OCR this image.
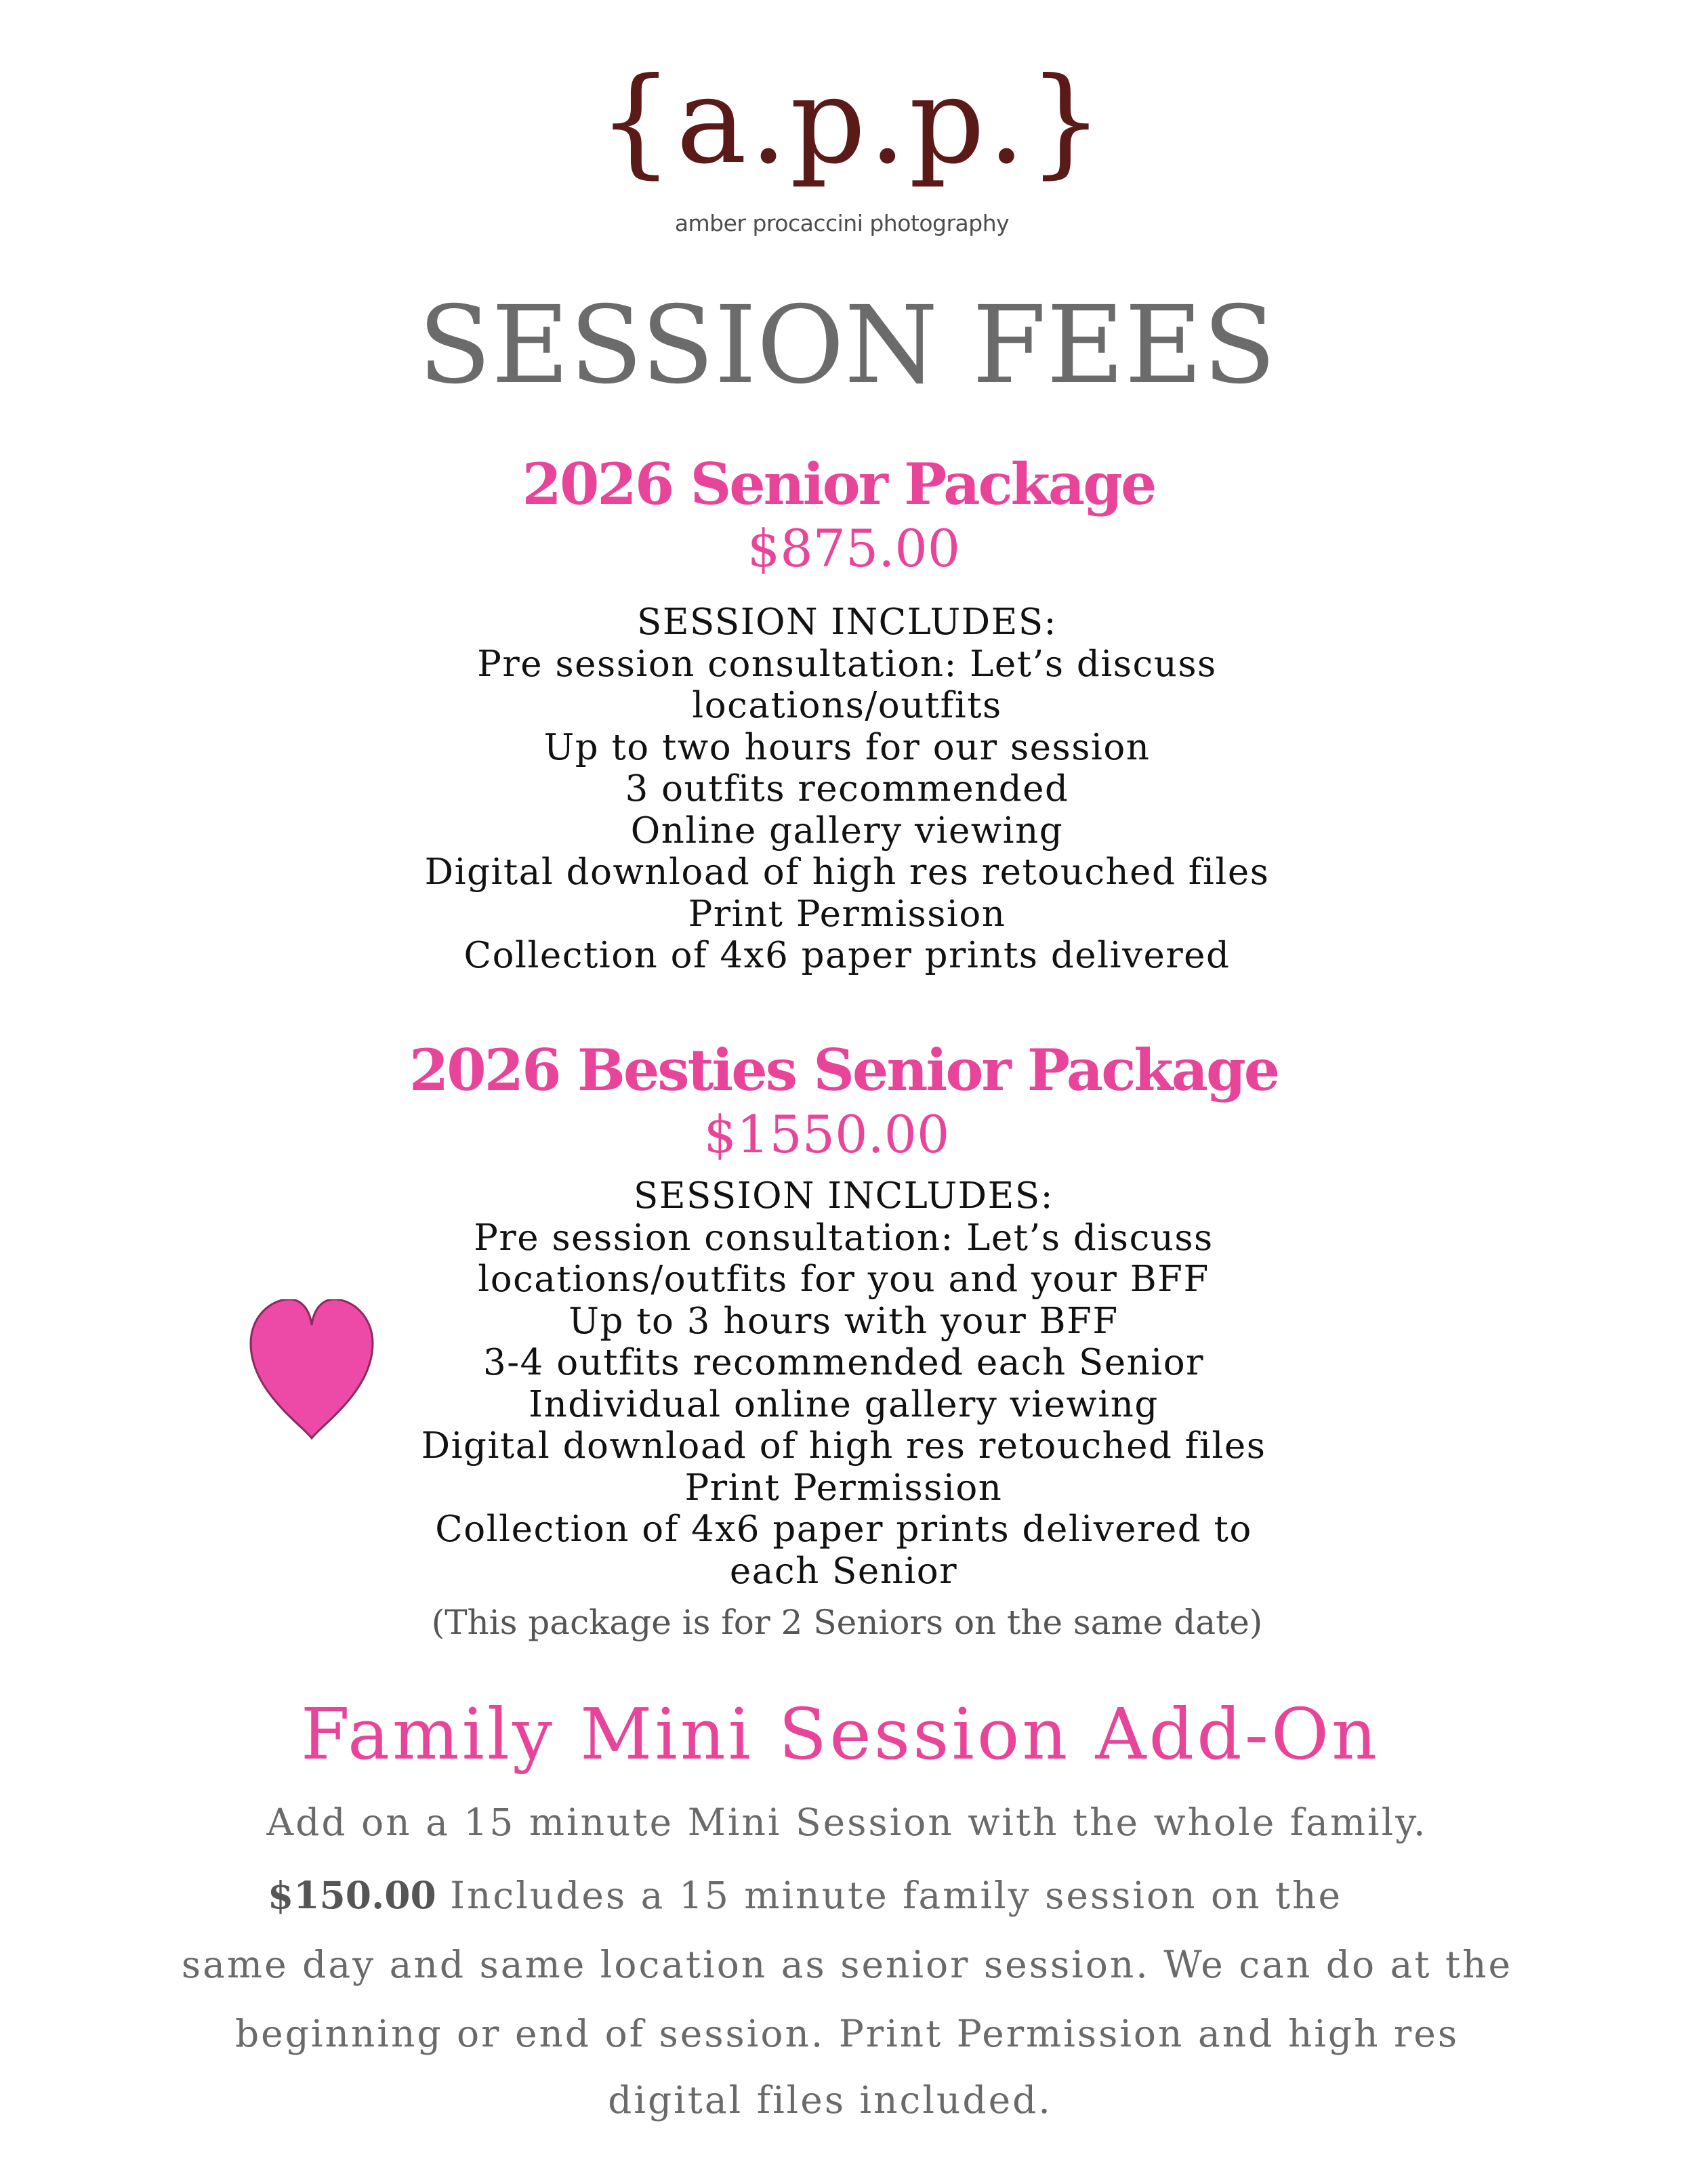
{a.p.p.}
amber procaccini photography
SESSION FEES
2026 Senior Package
$875.00
SESSION INCLUDES:
Pre session consultation: Let’s discuss
locations/outfits
Up to two hours for our session
3 outfits recommended
Online gallery viewing
Digital download of high res retouched files
Print Permission
Collection of 4x6 paper prints delivered
2026 Besties Senior Package
$1550.00
SESSION INCLUDES:
Pre session consultation: Let’s discuss
locations/outfits for you and your BFF
Up to 3 hours with your BFF
3-4 outfits recommended each Senior
Individual online gallery viewing
Digital download of high res retouched files
Print Permission
Collection of 4x6 paper prints delivered to
each Senior
(This package is for 2 Seniors on the same date)
Family Mini Session Add-On
Add on a 15 minute Mini Session with the whole family.
$150.00 Includes a 15 minute family session on the
same day and same location as senior session. We can do at the
beginning or end of session. Print Permission and high res
digital files included.
